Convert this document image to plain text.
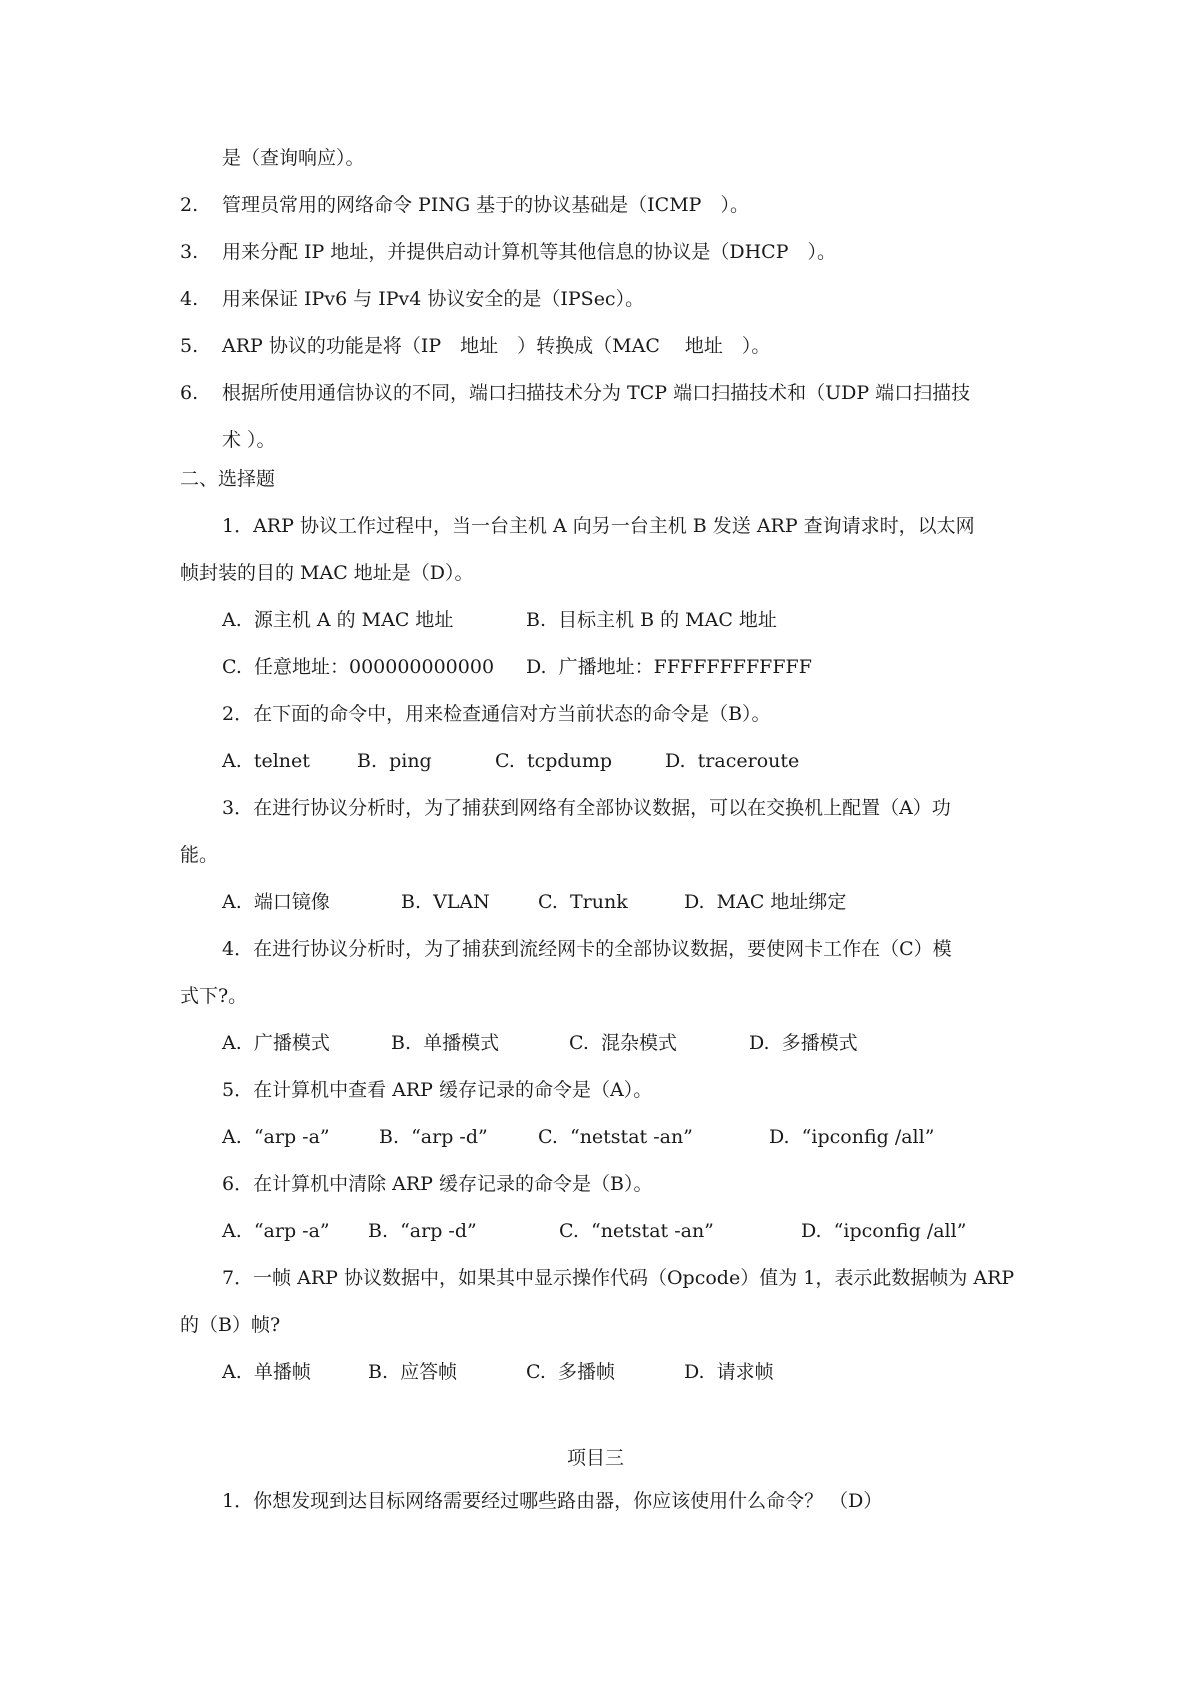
是（查询响应）。
2. 管理员常用的网络命令 PING 基于的协议基础是（ICMP　）。
3. 用来分配 IP 地址，并提供启动计算机等其他信息的协议是（DHCP　）。
4. 用来保证 IPv6 与 IPv4 协议安全的是（IPSec）。
5. ARP 协议的功能是将（IP　地址　）转换成（MAC　 地址　）。
6. 根据所使用通信协议的不同，端口扫描技术分为 TCP 端口扫描技术和（UDP 端口扫描技
术 ）。
二、选择题
1．ARP 协议工作过程中，当一台主机 A 向另一台主机 B 发送 ARP 查询请求时，以太网
帧封装的目的 MAC 地址是（D）。
A.  源主机 A 的 MAC 地址	B.  目标主机 B 的 MAC 地址
C.  任意地址：000000000000 D.  广播地址：FFFFFFFFFFFF
2．在下面的命令中，用来检查通信对方当前状态的命令是（B）。
A.  telnet B.  ping	C.  tcpdump	D.  traceroute
3．在进行协议分析时，为了捕获到网络有全部协议数据，可以在交换机上配置（A）功
能。
A.  端口镜像	B.  VLAN	C.  Trunk	D.  MAC 地址绑定
4．在进行协议分析时，为了捕获到流经网卡的全部协议数据，要使网卡工作在（C）模
式下?。
A.  广播模式	B.  单播模式	C.  混杂模式	D.  多播模式
5．在计算机中查看 ARP 缓存记录的命令是（A）。
A.  “arp -a”	B.  “arp -d”	C.  “netstat -an”	D.  “ipconfig /all”
6．在计算机中清除 ARP 缓存记录的命令是（B）。
A.  “arp -a” B.  “arp -d”	C.  “netstat -an”	D.  “ipconfig /all”
7．一帧 ARP 协议数据中，如果其中显示操作代码（Opcode）值为 1，表示此数据帧为 ARP
的（B）帧?
A.  单播帧	B.  应答帧	C.  多播帧	D.  请求帧
项目三
1．你想发现到达目标网络需要经过哪些路由器，你应该使用什么命令？ （D）
